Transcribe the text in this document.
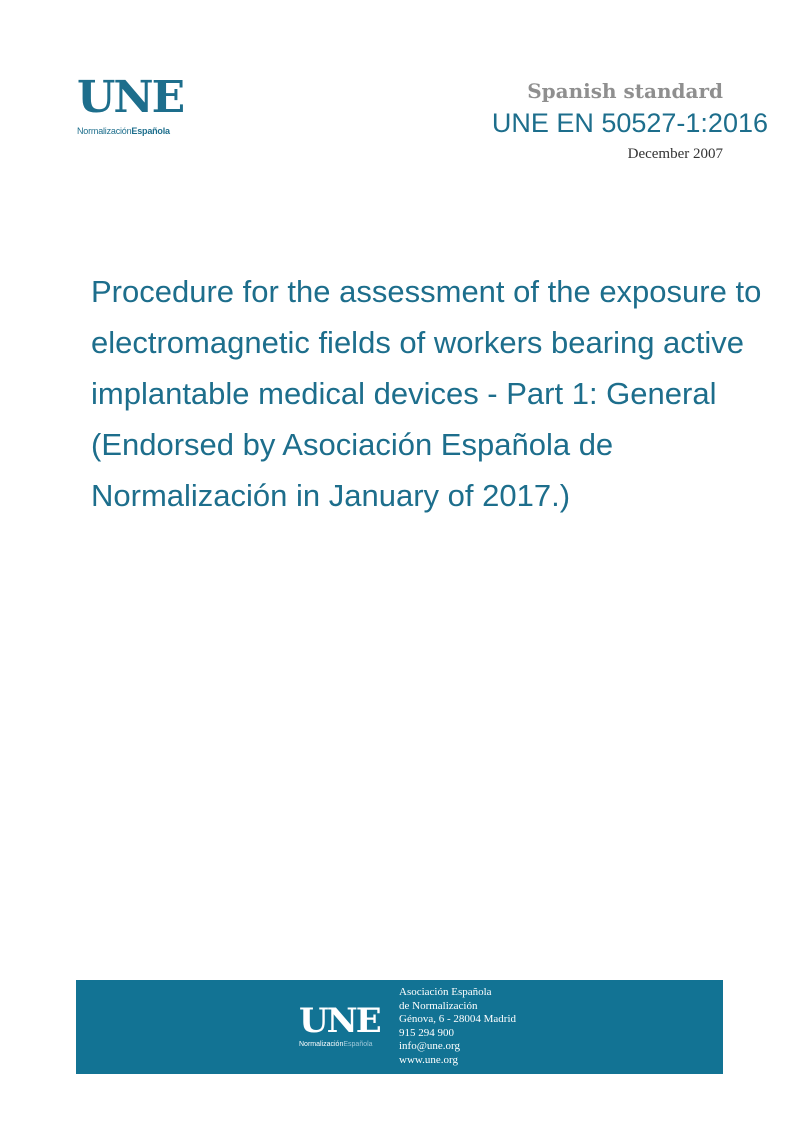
UNE
NormalizaciónEspañola
Spanish standard
UNE EN 50527-1:2016
December 2007
Procedure for the assessment of the exposure to electromagnetic fields of workers bearing active implantable medical devices - Part 1: General (Endorsed by Asociación Española de Normalización in January of 2017.)
UNE
NormalizaciónEspañola
Asociación Española
de Normalización
Génova, 6 - 28004 Madrid
915 294 900
info@une.org
www.une.org
